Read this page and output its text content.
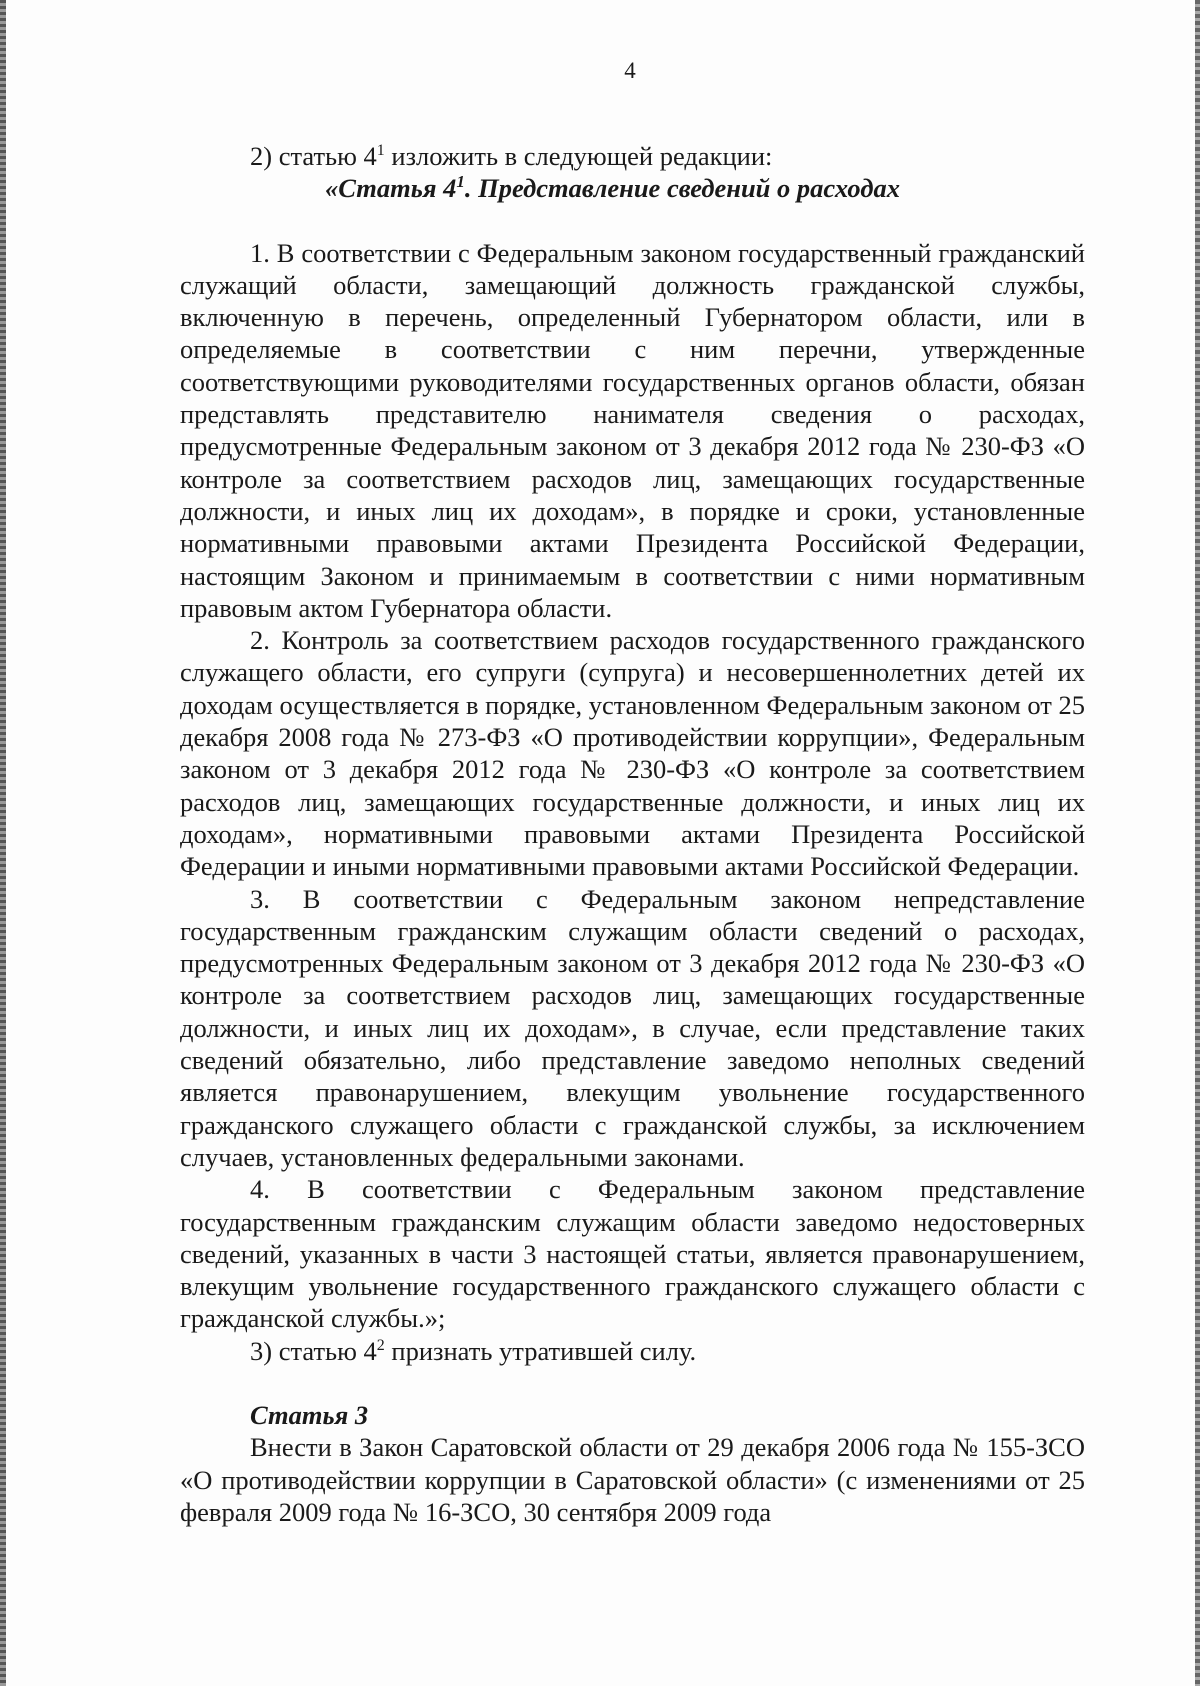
4

2) статью $4^1$ изложить в следующей редакции:

«Статья $4^1$. Представление сведений о расходах

1. В соответствии с Федеральным законом государственный гражданский служащий области, замещающий должность гражданской службы, включенную в перечень, определенный Губернатором области, или в определяемые в соответствии с ним перечни, утвержденные соответствующими руководителями государственных органов области, обязан представлять представителю нанимателя сведения о расходах, предусмотренные Федеральным законом от 3 декабря 2012 года № 230-ФЗ «О контроле за соответствием расходов лиц, замещающих государственные должности, и иных лиц их доходам», в порядке и сроки, установленные нормативными правовыми актами Президента Российской Федерации, настоящим Законом и принимаемым в соответствии с ними нормативным правовым актом Губернатора области.

2. Контроль за соответствием расходов государственного гражданского служащего области, его супруги (супруга) и несовершеннолетних детей их доходам осуществляется в порядке, установленном Федеральным законом от 25 декабря 2008 года № 273-ФЗ «О противодействии коррупции», Федеральным законом от 3 декабря 2012 года № 230-ФЗ «О контроле за соответствием расходов лиц, замещающих государственные должности, и иных лиц их доходам», нормативными правовыми актами Президента Российской Федерации и иными нормативными правовыми актами Российской Федерации.

3. В соответствии с Федеральным законом непредставление государственным гражданским служащим области сведений о расходах, предусмотренных Федеральным законом от 3 декабря 2012 года № 230-ФЗ «О контроле за соответствием расходов лиц, замещающих государственные должности, и иных лиц их доходам», в случае, если представление таких сведений обязательно, либо представление заведомо неполных сведений является правонарушением, влекущим увольнение государственного гражданского служащего области с гражданской службы, за исключением случаев, установленных федеральными законами.

4. В соответствии с Федеральным законом представление государственным гражданским служащим области заведомо недостоверных сведений, указанных в части 3 настоящей статьи, является правонарушением, влекущим увольнение государственного гражданского служащего области с гражданской службы.»;

3) статью $4^2$ признать утратившей силу.

Статья 3

Внести в Закон Саратовской области от 29 декабря 2006 года № 155-ЗСО «О противодействии коррупции в Саратовской области» (с изменениями от 25 февраля 2009 года № 16-ЗСО, 30 сентября 2009 года
